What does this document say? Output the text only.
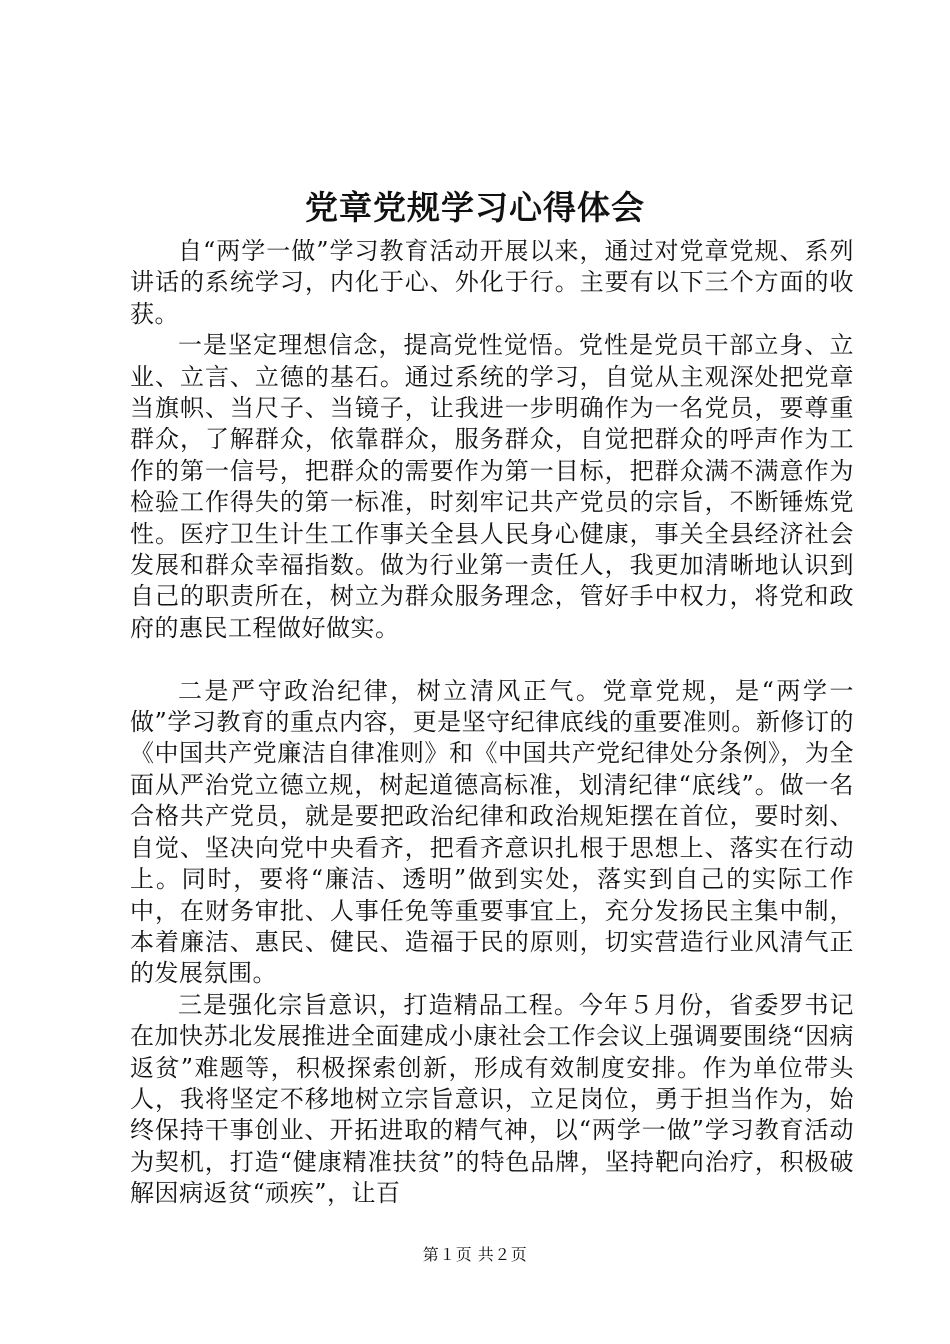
党章党规学习心得体会

自“两学一做”学习教育活动开展以来，通过对党章党规、系列讲话的系统学习，内化于心、外化于行。主要有以下三个方面的收获。

一是坚定理想信念，提高党性觉悟。党性是党员干部立身、立业、立言、立德的基石。通过系统的学习，自觉从主观深处把党章当旗帜、当尺子、当镜子，让我进一步明确作为一名党员，要尊重群众，了解群众，依靠群众，服务群众，自觉把群众的呼声作为工作的第一信号，把群众的需要作为第一目标，把群众满不满意作为检验工作得失的第一标准，时刻牢记共产党员的宗旨，不断锤炼党性。医疗卫生计生工作事关全县人民身心健康，事关全县经济社会发展和群众幸福指数。做为行业第一责任人，我更加清晰地认识到自己的职责所在，树立为群众服务理念，管好手中权力，将党和政府的惠民工程做好做实。

二是严守政治纪律，树立清风正气。党章党规，是“两学一做”学习教育的重点内容，更是坚守纪律底线的重要准则。新修订的《中国共产党廉洁自律准则》和《中国共产党纪律处分条例》，为全面从严治党立德立规，树起道德高标准，划清纪律“底线”。做一名合格共产党员，就是要把政治纪律和政治规矩摆在首位，要时刻、自觉、坚决向党中央看齐，把看齐意识扎根于思想上、落实在行动上。同时，要将“廉洁、透明”做到实处，落实到自己的实际工作中，在财务审批、人事任免等重要事宜上，充分发扬民主集中制，本着廉洁、惠民、健民、造福于民的原则，切实营造行业风清气正的发展氛围。

三是强化宗旨意识，打造精品工程。今年５月份，省委罗书记在加快苏北发展推进全面建成小康社会工作会议上强调要围绕“因病返贫”难题等，积极探索创新，形成有效制度安排。作为单位带头人，我将坚定不移地树立宗旨意识，立足岗位，勇于担当作为，始终保持干事创业、开拓进取的精气神，以“两学一做”学习教育活动为契机，打造“健康精准扶贫”的特色品牌，坚持靶向治疗，积极破解因病返贫“顽疾”，让百

第１页 共２页
